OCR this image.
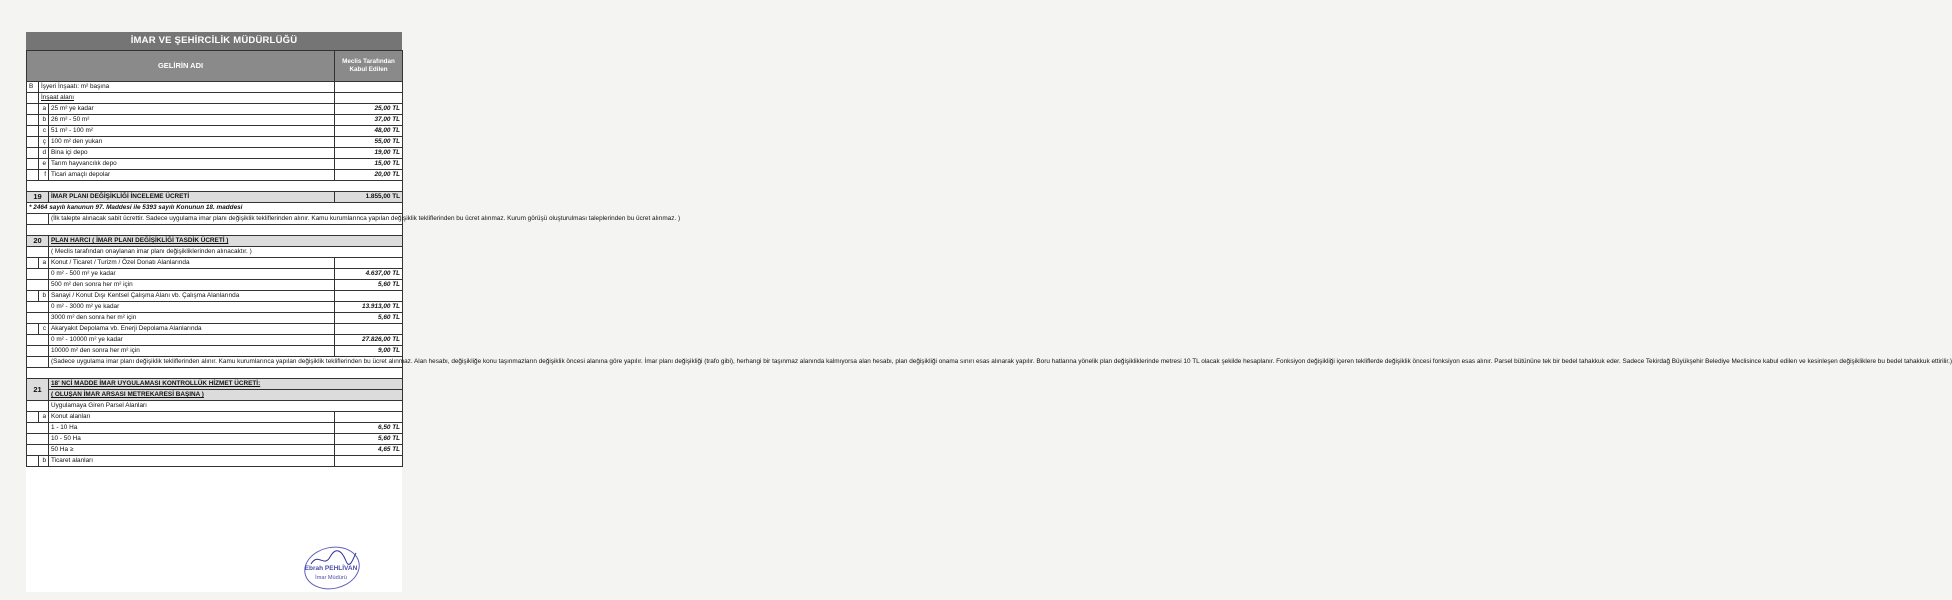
İMAR VE ŞEHİRCİLİK MÜDÜRLÜĞÜ
GELİRİN ADI			Meclis Tarafından Kabul Edilen
B	İşyeri İnşaatı: m² başına		
	İnşaat alanı		
	a	25 m² ye kadar	25,00 TL
	b	26 m² - 50 m²	37,00 TL
	c	51 m² - 100 m²	48,00 TL
	ç	100 m² den yukarı	55,00 TL
	d	Bina içi depo	19,00 TL
	e	Tarım hayvancılık depo	15,00 TL
	f	Ticari amaçlı depolar	20,00 TL

19		İMAR PLANI DEĞİŞİKLİĞİ İNCELEME ÜCRETİ	1.855,00 TL
* 2464 sayılı kanunun 97. Maddesi ile 5393 sayılı Konunun 18. maddesi			
		(İlk talepte alınacak sabit ücrettir. Sadece uygulama imar planı değişiklik tekliflerinden alınır. Kamu kurumlarınca yapılan değişiklik tekliflerinden bu ücret alınmaz. Kurum görüşü oluşturulması taleplerinden bu ücret alınmaz. )	

20		PLAN HARCI ( İMAR PLANI DEĞİŞİKLİĞİ TASDİK ÜCRETİ )	
		( Meclis tarafından onaylanan imar planı değişikliklerinden alınacaktır. )	
	a	Konut / Ticaret / Turizm / Özel Donatı Alanlarında	
		0 m² - 500 m² ye kadar	4.637,00 TL
		500 m² den sonra her m² için	5,60 TL
	b	Sanayi / Konut Dışı Kentsel Çalışma Alanı vb. Çalışma Alanlarında	
		0 m² - 3000 m² ye kadar	13.913,00 TL
		3000 m² den sonra her m² için	5,60 TL
	c	Akaryakıt Depolama vb. Enerji Depolama Alanlarında	
		0 m² - 10000 m² ye kadar	27.826,00 TL
		10000 m² den sonra her m² için	9,00 TL
		(Sadece uygulama imar planı değişiklik tekliflerinden alınır. Kamu kurumlarınca yapılan değişiklik tekliflerinden bu ücret alınmaz. Alan hesabı, değişikliğe konu taşınmazların değişiklik öncesi alanına göre yapılır. İmar planı değişikliği (trafo gibi), herhangi bir taşınmaz alanında kalmıyorsa alan hesabı, plan değişikliği onama sınırı esas alınarak yapılır. Boru hatlarına yönelik plan değişikliklerinde metresi 10 TL olacak şekilde hesaplanır. Fonksiyon değişikliği içeren tekliflerde değişiklik öncesi fonksiyon esas alınır. Parsel bütününe tek bir bedel tahakkuk eder. Sadece Tekirdağ Büyükşehir Belediye Meclisince kabul edilen ve kesinleşen değişikliklere bu bedel tahakkuk ettirilir.)	

21		18' NCİ MADDE İMAR UYGULAMASI KONTROLLÜK HİZMET ÜCRETİ:	
		( OLUŞAN İMAR ARSASI METREKARESİ BAŞINA )	
		Uygulamaya Giren Parsel Alanları	
	a	Konut alanları	
		1 - 10 Ha	6,50 TL
		10 - 50 Ha	5,60 TL
		50 Ha ≥	4,65 TL
	b	Ticaret alanları	
Ebrah PEHLİVAN
İmar Müdürü
